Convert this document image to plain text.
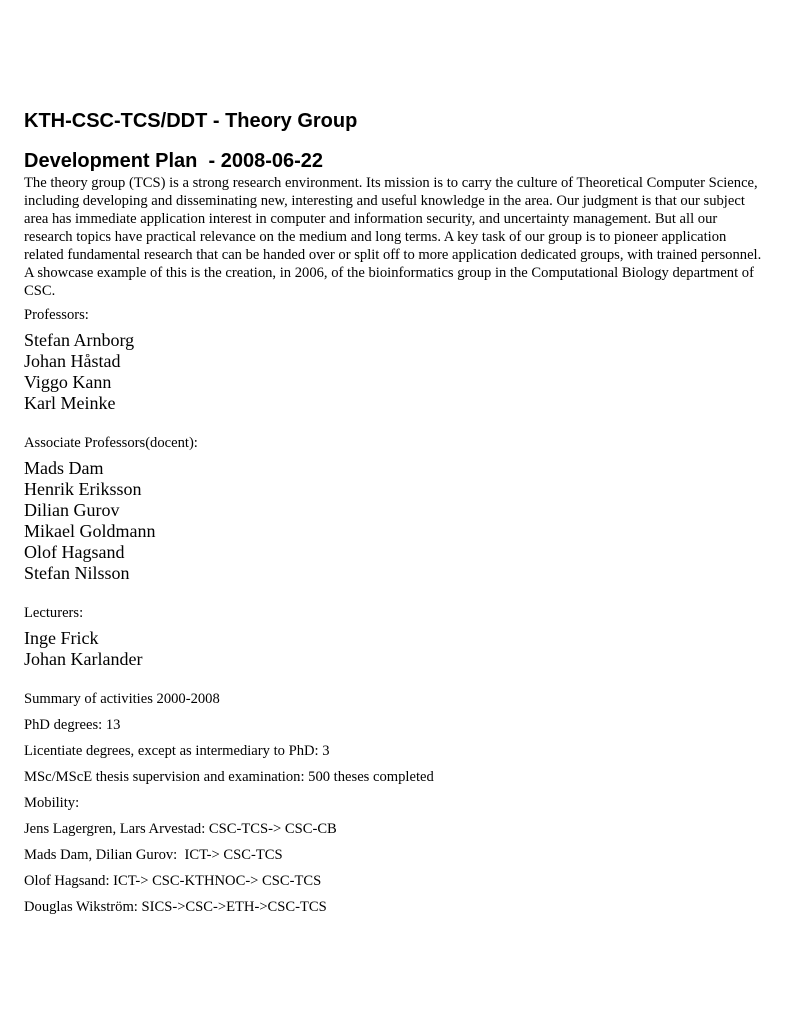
KTH-CSC-TCS/DDT - Theory Group
Development Plan  - 2008-06-22

The theory group (TCS) is a strong research environment. Its mission is to carry the culture of Theoretical Computer Science, including developing and disseminating new, interesting and useful knowledge in the area. Our judgment is that our subject area has immediate application interest in computer and information security, and uncertainty management. But all our research topics have practical relevance on the medium and long terms. A key task of our group is to pioneer application related fundamental research that can be handed over or split off to more application dedicated groups, with trained personnel. A showcase example of this is the creation, in 2006, of the bioinformatics group in the Computational Biology department of CSC.

Professors:

Stefan Arnborg
Johan Håstad
Viggo Kann
Karl Meinke

Associate Professors(docent):

Mads Dam
Henrik Eriksson
Dilian Gurov
Mikael Goldmann
Olof Hagsand
Stefan Nilsson

Lecturers:

Inge Frick
Johan Karlander

Summary of activities 2000-2008

PhD degrees: 13

Licentiate degrees, except as intermediary to PhD: 3

MSc/MScE thesis supervision and examination: 500 theses completed

Mobility:

Jens Lagergren, Lars Arvestad: CSC-TCS-> CSC-CB

Mads Dam, Dilian Gurov:  ICT-> CSC-TCS

Olof Hagsand: ICT-> CSC-KTHNOC-> CSC-TCS

Douglas Wikström: SICS->CSC->ETH->CSC-TCS
